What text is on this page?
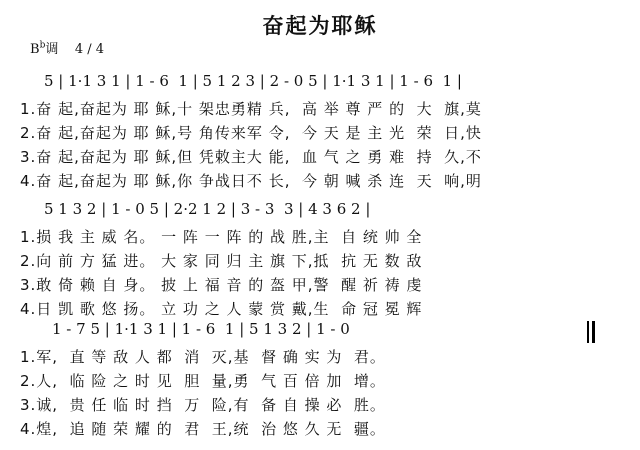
奋起为耶稣
$B^b$调 4 / 4

5 | 1·1 3 1 | 1 - 6  1 | 5 1 2 3 | 2 - 0 5 | 1·1 3 1 | 1 - 6  1 |

1.奋 起,奋起为 耶 稣,十 架忠勇精 兵,  高 举 尊 严 的  大  旗,莫
2.奋 起,奋起为 耶 稣,号 角传来军 令,  今 天 是 主 光  荣  日,快
3.奋 起,奋起为 耶 稣,但 凭敕主大 能,  血 气 之 勇 难  持  久,不
4.奋 起,奋起为 耶 稣,你 争战日不 长,  今 朝 喊 杀 连  天  响,明

5 1 3 2 | 1 - 0 5 | 2·2 1 2 | 3 - 3  3 | 4 3 6 2 |

1.损 我 主 威 名。 一 阵 一 阵 的 战 胜,主  自 统 帅 全
2.向 前 方 猛 进。 大 家 同 归 主 旗 下,抵  抗 无 数 敌
3.敢 倚 赖 自 身。 披 上 福 音 的 盔 甲,警  醒 祈 祷 虔
4.日 凯 歌 悠 扬。 立 功 之 人 蒙 赏 戴,生  命 冠 冕 辉

1 - 7 5 | 1·1 3 1 | 1 - 6  1 | 5 1 3 2 | 1 - 0

1.军,  直 等 敌 人 都  消  灭,基  督 确 实 为  君。
2.人,  临 险 之 时 见  胆  量,勇  气 百 倍 加  增。
3.诚,  贵 任 临 时 挡  万  险,有  备 自 操 必  胜。
4.煌,  追 随 荣 耀 的  君  王,统  治 悠 久 无  疆。
